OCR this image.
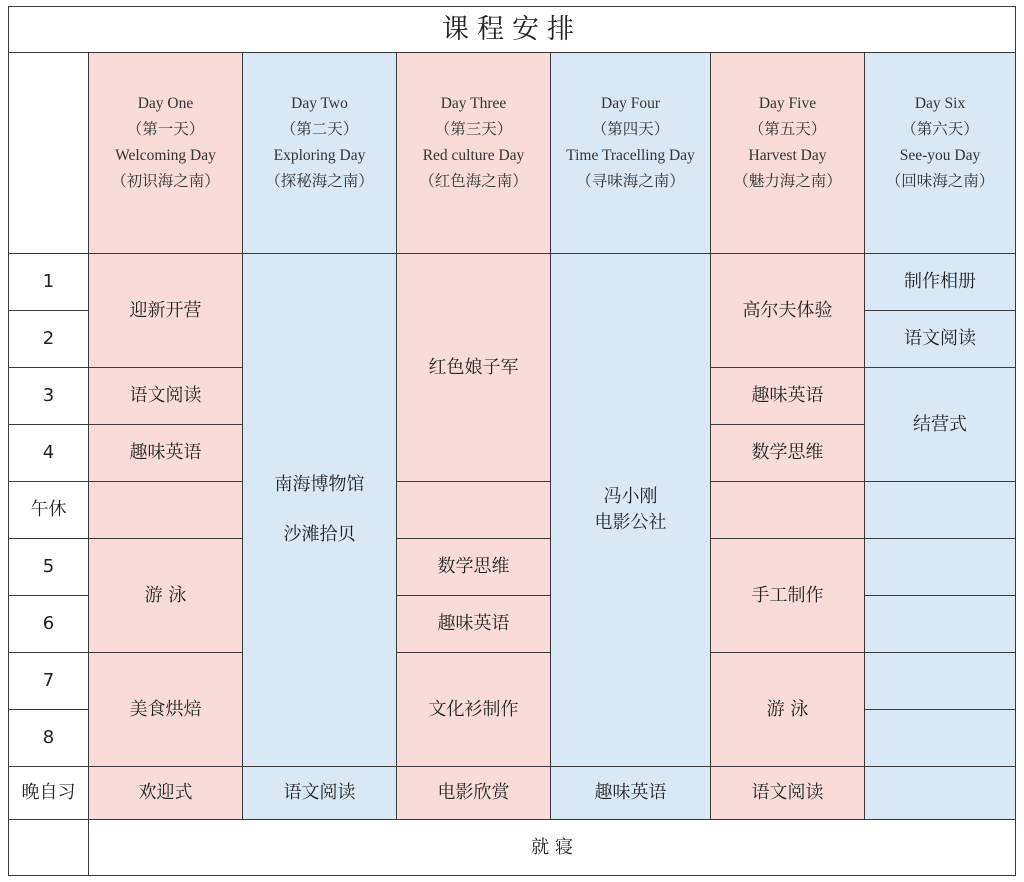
课程安排
Day One
（第一天）
Welcoming Day
（初识海之南）
Day Two
（第二天）
Exploring Day
（探秘海之南）
Day Three
（第三天）
Red culture Day
（红色海之南）
Day Four
（第四天）
Time Tracelling Day
（寻味海之南）
Day Five
（第五天）
Harvest Day
（魅力海之南）
Day Six
（第六天）
See-you Day
（回味海之南）
1
2
3
4
午休
5
6
7
8
晚自习
迎新开营
语文阅读
趣味英语
游 泳
美食烘焙
欢迎式
南海博物馆
沙滩拾贝
语文阅读
红色娘子军
数学思维
趣味英语
文化衫制作
电影欣赏
冯小刚
电影公社
趣味英语
高尔夫体验
趣味英语
数学思维
手工制作
游 泳
语文阅读
制作相册
语文阅读
结营式
就 寝
